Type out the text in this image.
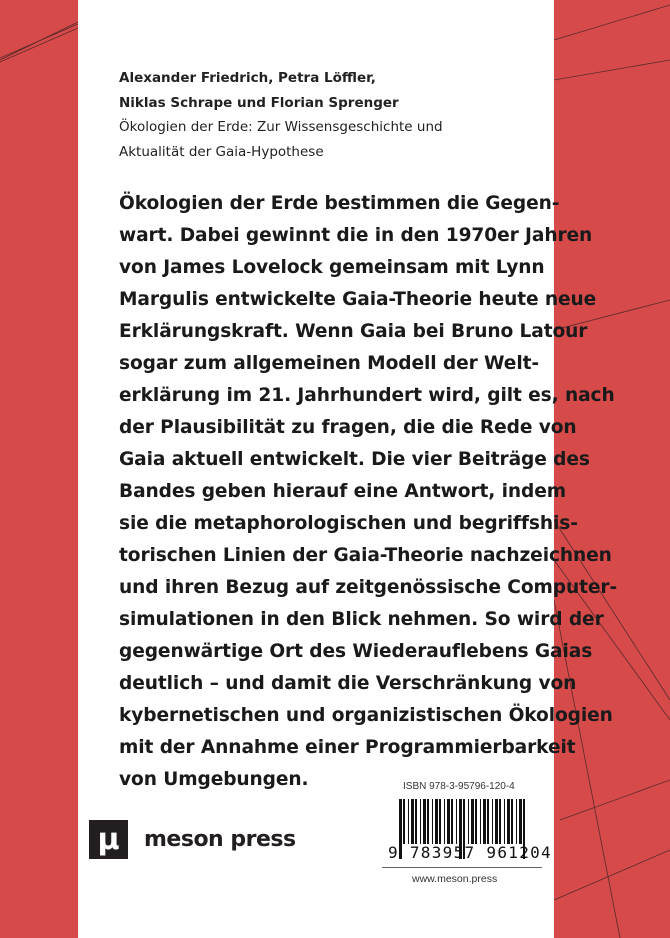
Alexander Friedrich, Petra Löffler,
Niklas Schrape und Florian Sprenger
Ökologien der Erde: Zur Wissensgeschichte und
Aktualität der Gaia-Hypothese
Ökologien der Erde bestimmen die Gegen-
wart. Dabei gewinnt die in den 1970er Jahren
von James Lovelock gemeinsam mit Lynn
Margulis entwickelte Gaia-Theorie heute neue
Erklärungskraft. Wenn Gaia bei Bruno Latour
sogar zum allgemeinen Modell der Welt-
erklärung im 21. Jahrhundert wird, gilt es, nach
der Plausibilität zu fragen, die die Rede von
Gaia aktuell entwickelt. Die vier Beiträge des
Bandes geben hierauf eine Antwort, indem
sie die metaphorologischen und begriffshis-
torischen Linien der Gaia-Theorie nachzeichnen
und ihren Bezug auf zeitgenössische Computer-
simulationen in den Blick nehmen. So wird der
gegenwärtige Ort des Wiederauflebens Gaias
deutlich – und damit die Verschränkung von
kybernetischen und organizistischen Ökologien
mit der Annahme einer Programmierbarkeit
von Umgebungen.
μ	meson press
ISBN 978-3-95796-120-4
9 783957 961204
www.meson.press
